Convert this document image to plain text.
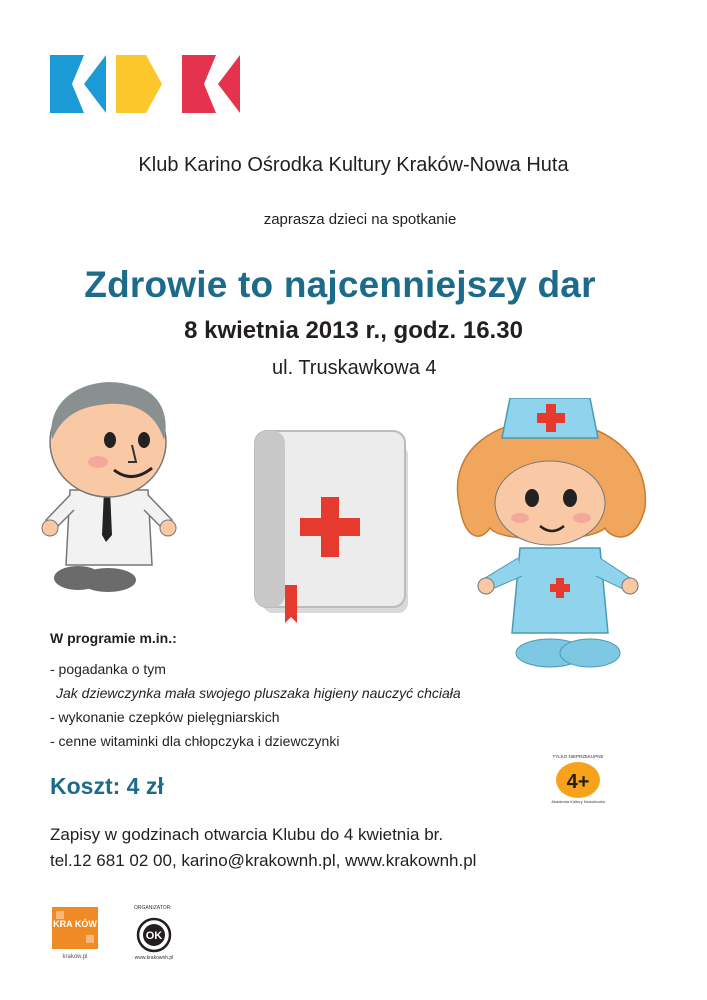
Klub Karino Ośrodka Kultury Kraków-Nowa Huta
zaprasza dzieci na spotkanie
Zdrowie to najcenniejszy dar
8 kwietnia 2013 r., godz. 16.30
ul. Truskawkowa 4
W programie m.in.:

- pogadanka o tym

Jak dziewczynka mała swojego pluszaka higieny nauczyć chciała

- wykonanie czepków pielęgniarskich

- cenne witaminki dla chłopczyka i dziewczynki

Koszt: 4 zł
TYLKO NIEPRZEKUPNE
4+
Akademia Kultury Nowohucka
Zapisy w godzinach otwarcia Klubu do 4 kwietnia br.
tel.12 681 02 00, karino@krakownh.pl, www.krakownh.pl
KRA KÓW
krakow.pl
ORGANIZATOR:
OK
www.krakownh.pl
